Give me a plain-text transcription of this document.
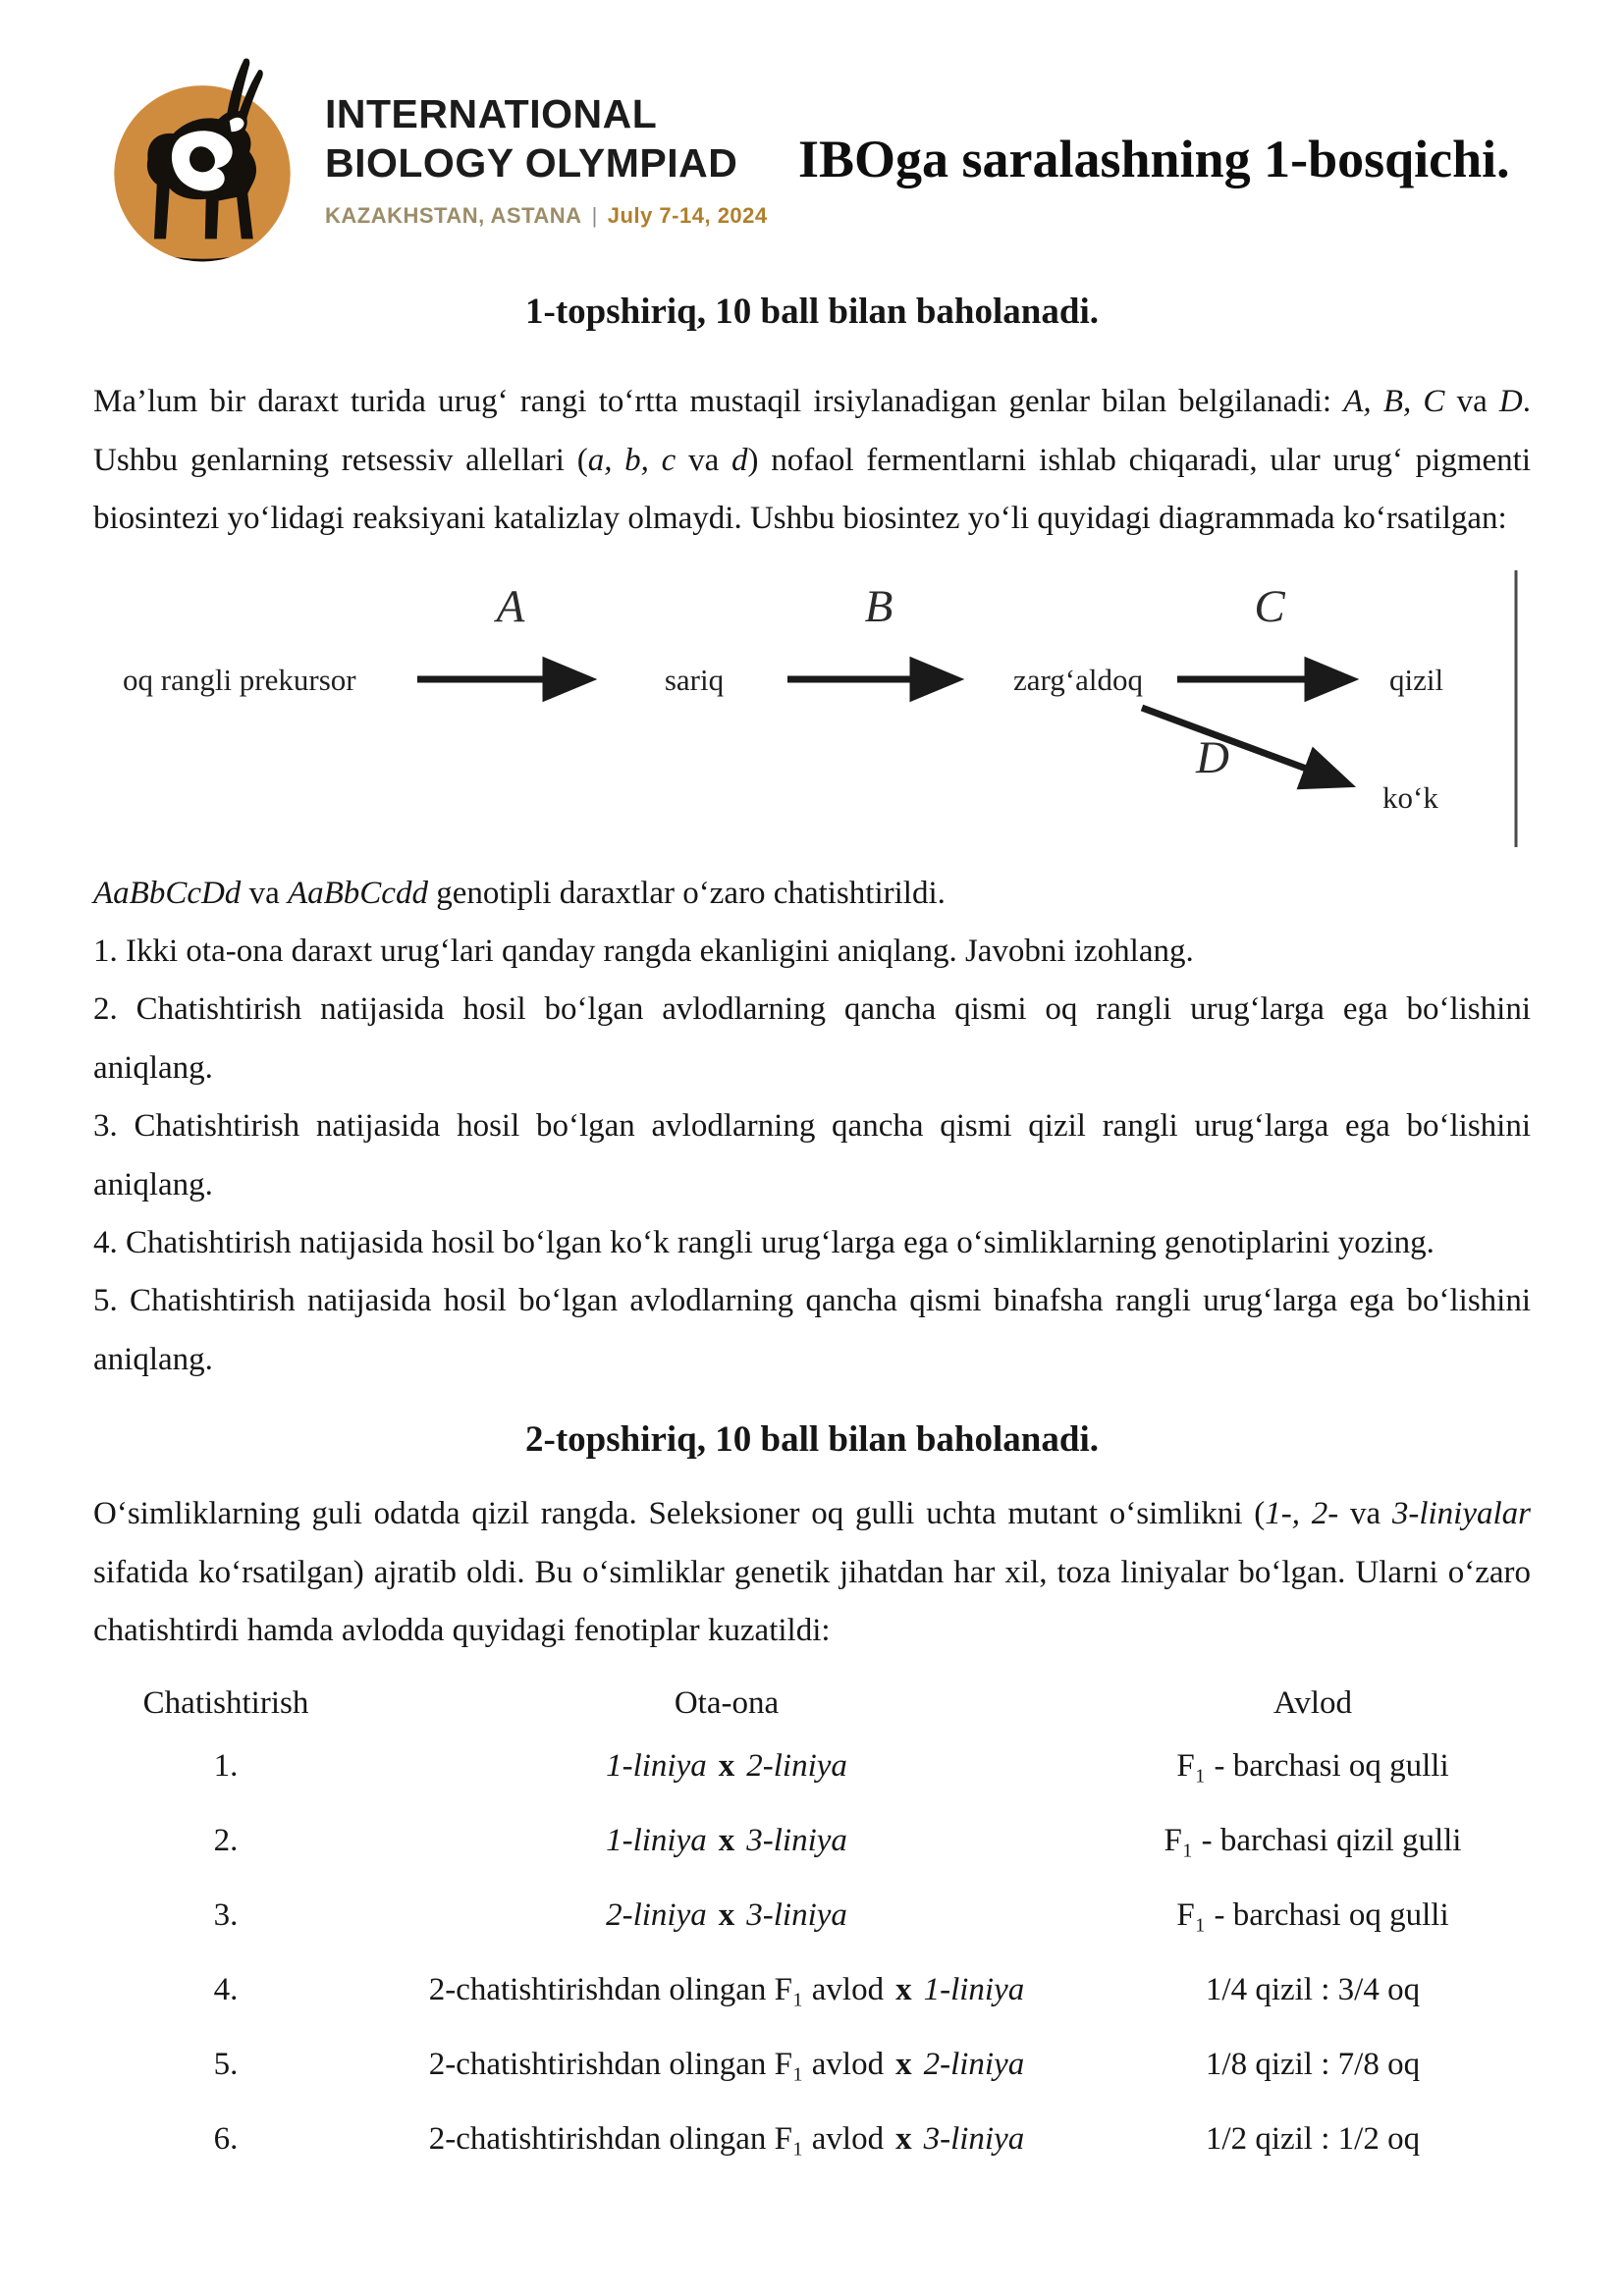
INTERNATIONAL
BIOLOGY OLYMPIAD
KAZAKHSTAN, ASTANA | July 7-14, 2024
IBOga saralashning 1-bosqichi.
1-topshiriq, 10 ball bilan baholanadi.

Ma’lum bir daraxt turida urugʻ rangi toʻrtta mustaqil irsiylanadigan genlar bilan belgilanadi: A, B, C va D. Ushbu genlarning retsessiv allellari (a, b, c va d) nofaol fermentlarni ishlab chiqaradi, ular urugʻ pigmenti biosintezi yoʻlidagi reaksiyani katalizlay olmaydi. Ushbu biosintez yoʻli quyidagi diagrammada koʻrsatilgan:

oq rangli prekursor	sariq	zargʻaldoq	qizil
koʻk
A	B	C
D

AaBbCcDd va AaBbCcdd genotipli daraxtlar oʻzaro chatishtirildi.

1. Ikki ota-ona daraxt urugʻlari qanday rangda ekanligini aniqlang. Javobni izohlang.

2. Chatishtirish natijasida hosil boʻlgan avlodlarning qancha qismi oq rangli urugʻlarga ega boʻlishini aniqlang.

3. Chatishtirish natijasida hosil boʻlgan avlodlarning qancha qismi qizil rangli urugʻlarga ega boʻlishini aniqlang.

4. Chatishtirish natijasida hosil boʻlgan koʻk rangli urugʻlarga ega oʻsimliklarning genotiplarini yozing.

5. Chatishtirish natijasida hosil boʻlgan avlodlarning qancha qismi binafsha rangli urugʻlarga ega boʻlishini aniqlang.

2-topshiriq, 10 ball bilan baholanadi.

Oʻsimliklarning guli odatda qizil rangda. Seleksioner oq gulli uchta mutant oʻsimlikni (1-, 2- va 3-liniyalar sifatida koʻrsatilgan) ajratib oldi. Bu oʻsimliklar genetik jihatdan har xil, toza liniyalar boʻlgan. Ularni oʻzaro chatishtirdi hamda avlodda quyidagi fenotiplar kuzatildi:

Chatishtirish	Ota-ona	Avlod
1.	1-liniya x 2-liniya	F₁ - barchasi oq gulli
2.	1-liniya x 3-liniya	F₁ - barchasi qizil gulli
3.	2-liniya x 3-liniya	F₁ - barchasi oq gulli
4.	2-chatishtirishdan olingan F₁ avlod x 1-liniya	1/4 qizil : 3/4 oq
5.	2-chatishtirishdan olingan F₁ avlod x 2-liniya	1/8 qizil : 7/8 oq
6.	2-chatishtirishdan olingan F₁ avlod x 3-liniya	1/2 qizil : 1/2 oq
